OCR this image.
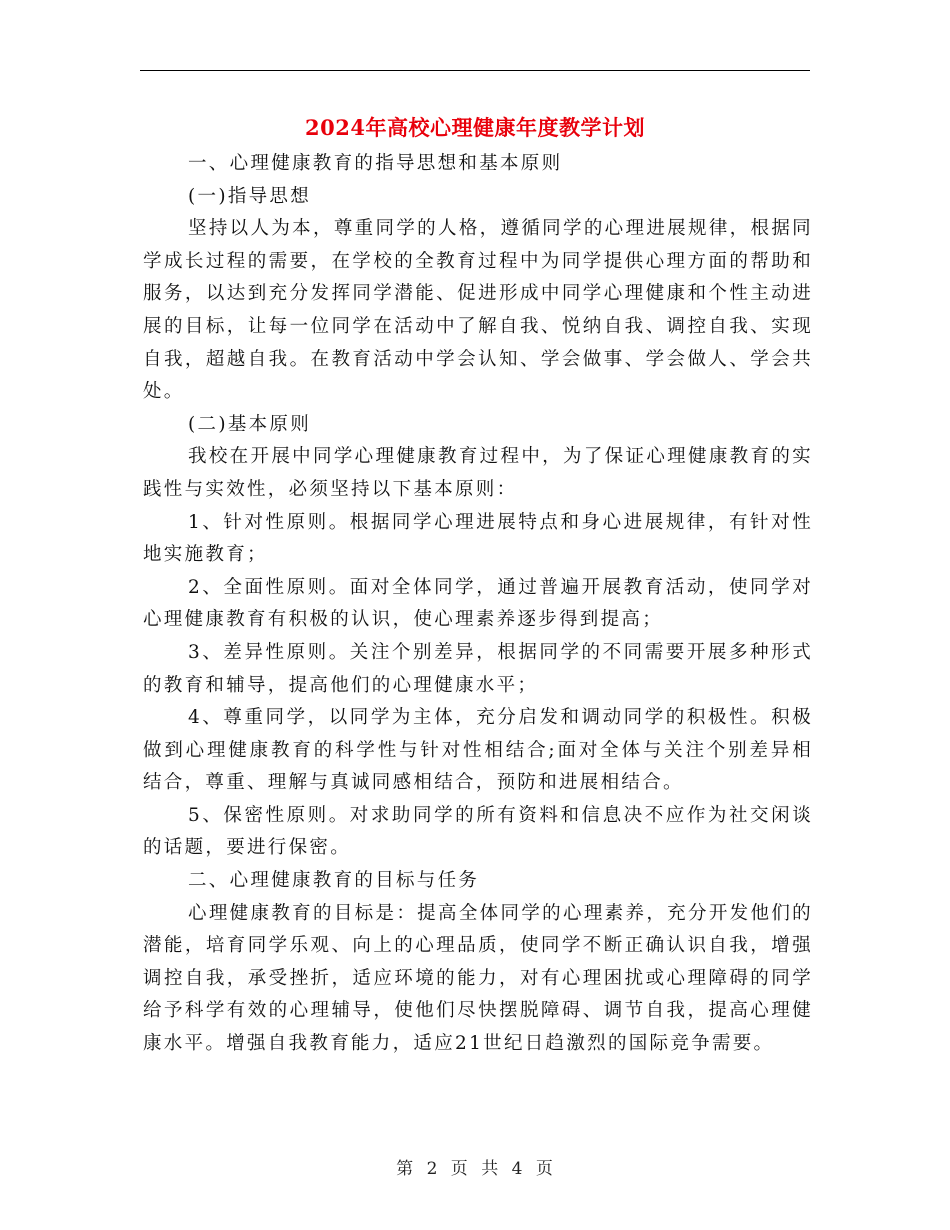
2024年高校心理健康年度教学计划

一、心理健康教育的指导思想和基本原则

(一)指导思想

坚持以人为本，尊重同学的人格，遵循同学的心理进展规律，根据同学成长过程的需要，在学校的全教育过程中为同学提供心理方面的帮助和服务，以达到充分发挥同学潜能、促进形成中同学心理健康和个性主动进展的目标，让每一位同学在活动中了解自我、悦纳自我、调控自我、实现自我，超越自我。在教育活动中学会认知、学会做事、学会做人、学会共处。

(二)基本原则

我校在开展中同学心理健康教育过程中，为了保证心理健康教育的实践性与实效性，必须坚持以下基本原则：

1、针对性原则。根据同学心理进展特点和身心进展规律，有针对性地实施教育；

2、全面性原则。面对全体同学，通过普遍开展教育活动，使同学对心理健康教育有积极的认识，使心理素养逐步得到提高；

3、差异性原则。关注个别差异，根据同学的不同需要开展多种形式的教育和辅导，提高他们的心理健康水平；

4、尊重同学，以同学为主体，充分启发和调动同学的积极性。积极做到心理健康教育的科学性与针对性相结合;面对全体与关注个别差异相结合，尊重、理解与真诚同感相结合，预防和进展相结合。

5、保密性原则。对求助同学的所有资料和信息决不应作为社交闲谈的话题，要进行保密。

二、心理健康教育的目标与任务

心理健康教育的目标是：提高全体同学的心理素养，充分开发他们的潜能，培育同学乐观、向上的心理品质，使同学不断正确认识自我，增强调控自我，承受挫折，适应环境的能力，对有心理困扰或心理障碍的同学给予科学有效的心理辅导，使他们尽快摆脱障碍、调节自我，提高心理健康水平。增强自我教育能力，适应21世纪日趋激烈的国际竞争需要。

第 2 页 共 4 页
